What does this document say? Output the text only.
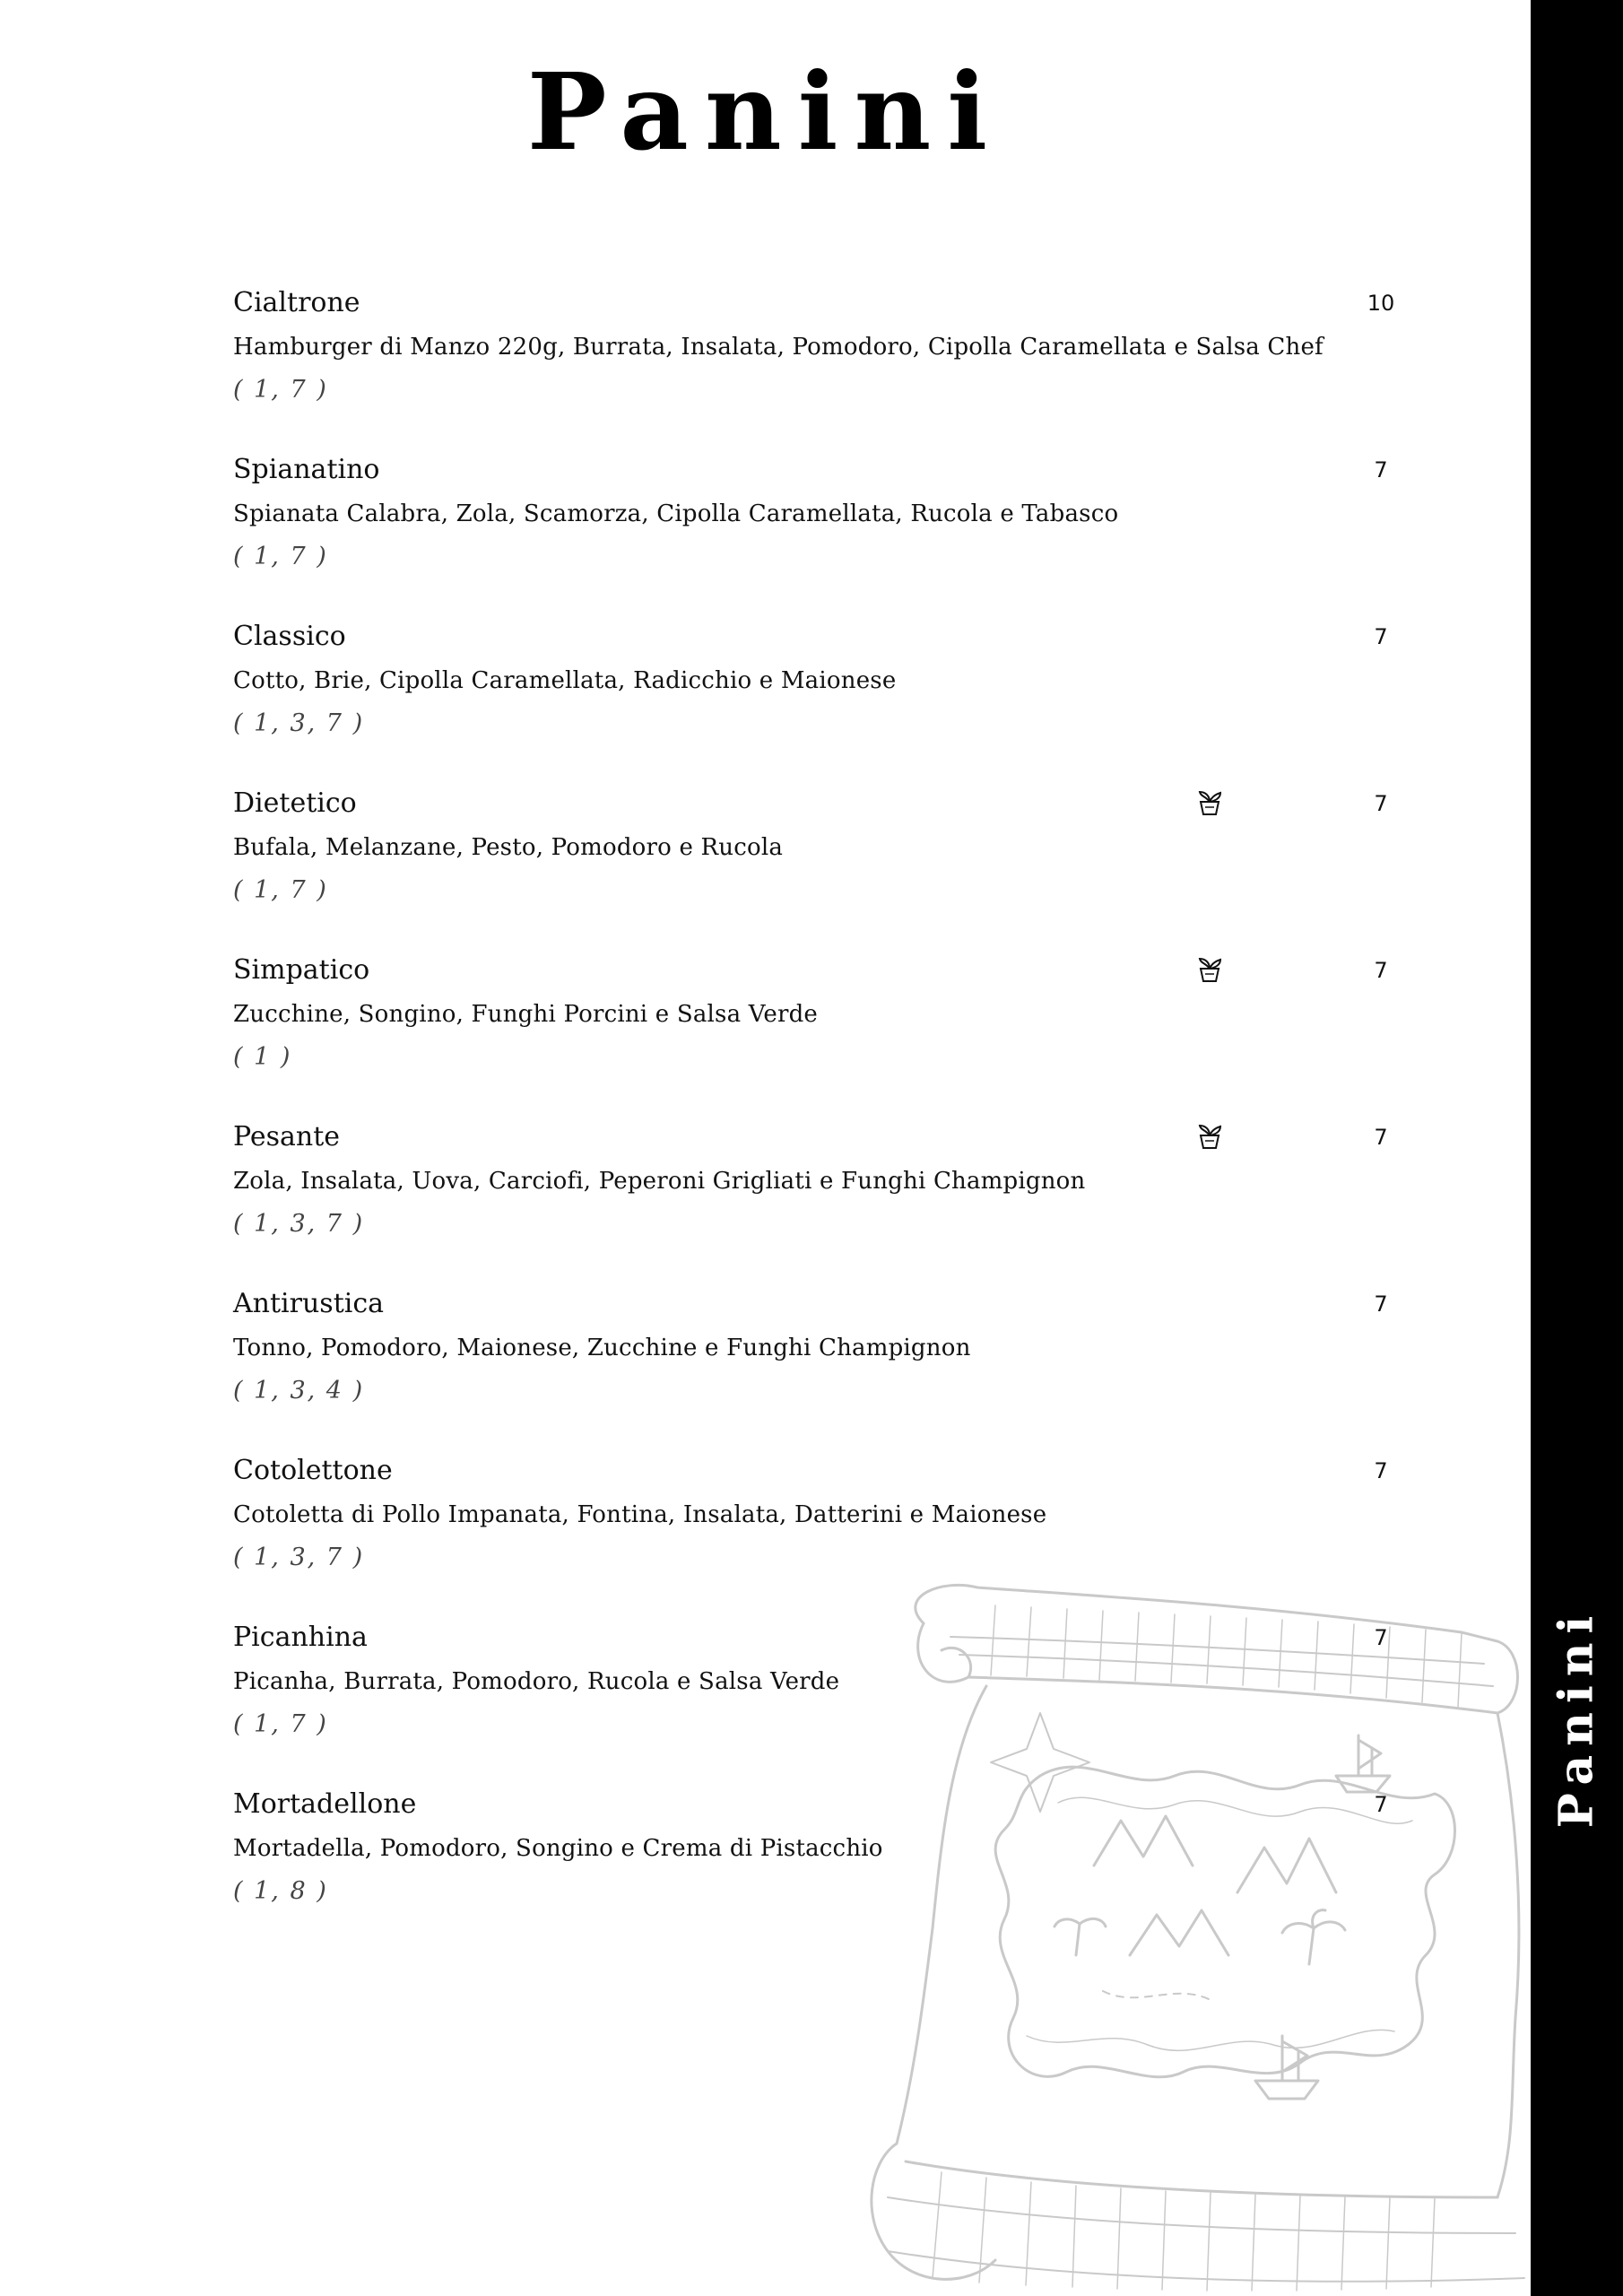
Panini
Panini
Cialtrone	10
Hamburger di Manzo 220g, Burrata, Insalata, Pomodoro, Cipolla Caramellata e Salsa Chef
( 1, 7 )
Spianatino	7
Spianata Calabra, Zola, Scamorza, Cipolla Caramellata, Rucola e Tabasco
( 1, 7 )
Classico	7
Cotto, Brie, Cipolla Caramellata, Radicchio e Maionese
( 1, 3, 7 )
Dietetico	7
Bufala, Melanzane, Pesto, Pomodoro e Rucola
( 1, 7 )
Simpatico	7
Zucchine, Songino, Funghi Porcini e Salsa Verde
( 1 )
Pesante	7
Zola, Insalata, Uova, Carciofi, Peperoni Grigliati e Funghi Champignon
( 1, 3, 7 )
Antirustica	7
Tonno, Pomodoro, Maionese, Zucchine e Funghi Champignon
( 1, 3, 4 )
Cotolettone	7
Cotoletta di Pollo Impanata, Fontina, Insalata, Datterini e Maionese
( 1, 3, 7 )
Picanhina	7
Picanha, Burrata, Pomodoro, Rucola e Salsa Verde
( 1, 7 )
Mortadellone	7
Mortadella, Pomodoro, Songino e Crema di Pistacchio
( 1, 8 )
